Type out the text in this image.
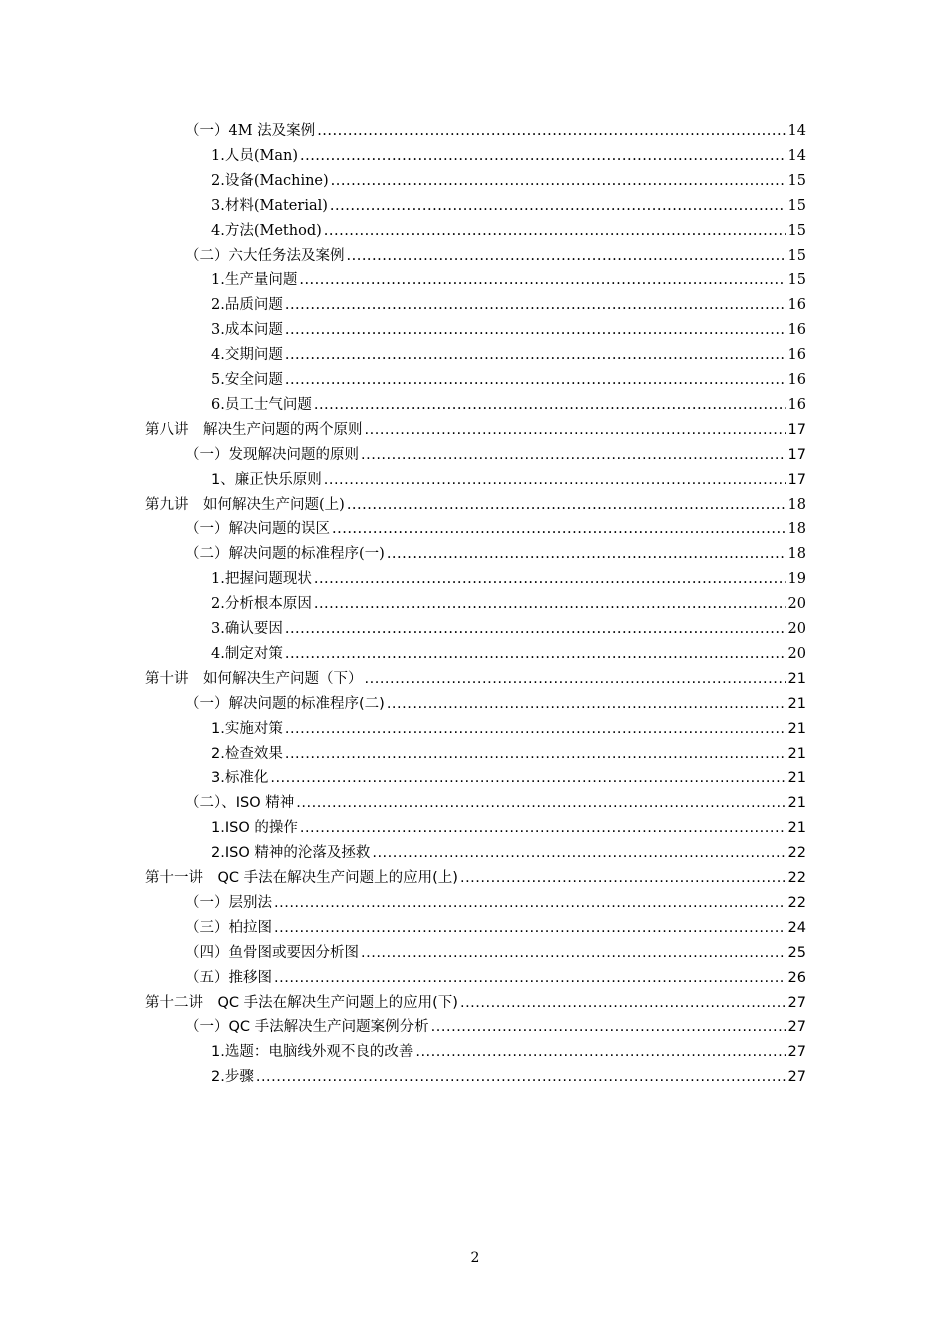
（一）4M 法及案例 .....	14
1.人员(Man) .....	14
2.设备(Machine) .....	15
3.材料(Material) .....	15
4.方法(Method) .....	15
（二）六大任务法及案例 .....	15
1.生产量问题 .....	15
2.品质问题 .....	16
3.成本问题 .....	16
4.交期问题 .....	16
5.安全问题 .....	16
6.员工士气问题 .....	16
第八讲　解决生产问题的两个原则 .....	17
（一）发现解决问题的原则 .....	17
1、廉正快乐原则 .....	17
第九讲　如何解决生产问题(上) .....	18
（一）解决问题的误区 .....	18
（二）解决问题的标准程序(一) .....	18
1.把握问题现状 .....	19
2.分析根本原因 .....	20
3.确认要因 .....	20
4.制定对策 .....	20
第十讲　如何解决生产问题（下） .....	21
（一）解决问题的标准程序(二) .....	21
1.实施对策 .....	21
2.检查效果 .....	21
3.标准化 .....	21
（二）、ISO 精神 .....	21
1.ISO 的操作 .....	21
2.ISO 精神的沦落及拯救 .....	22
第十一讲　QC 手法在解决生产问题上的应用(上) .....	22
（一）层别法 .....	22
（三）柏拉图 .....	24
（四）鱼骨图或要因分析图 .....	25
（五）推移图 .....	26
第十二讲　QC 手法在解决生产问题上的应用(下) .....	27
（一）QC 手法解决生产问题案例分析 .....	27
1.选题：电脑线外观不良的改善 .....	27
2.步骤 .....	27
2
